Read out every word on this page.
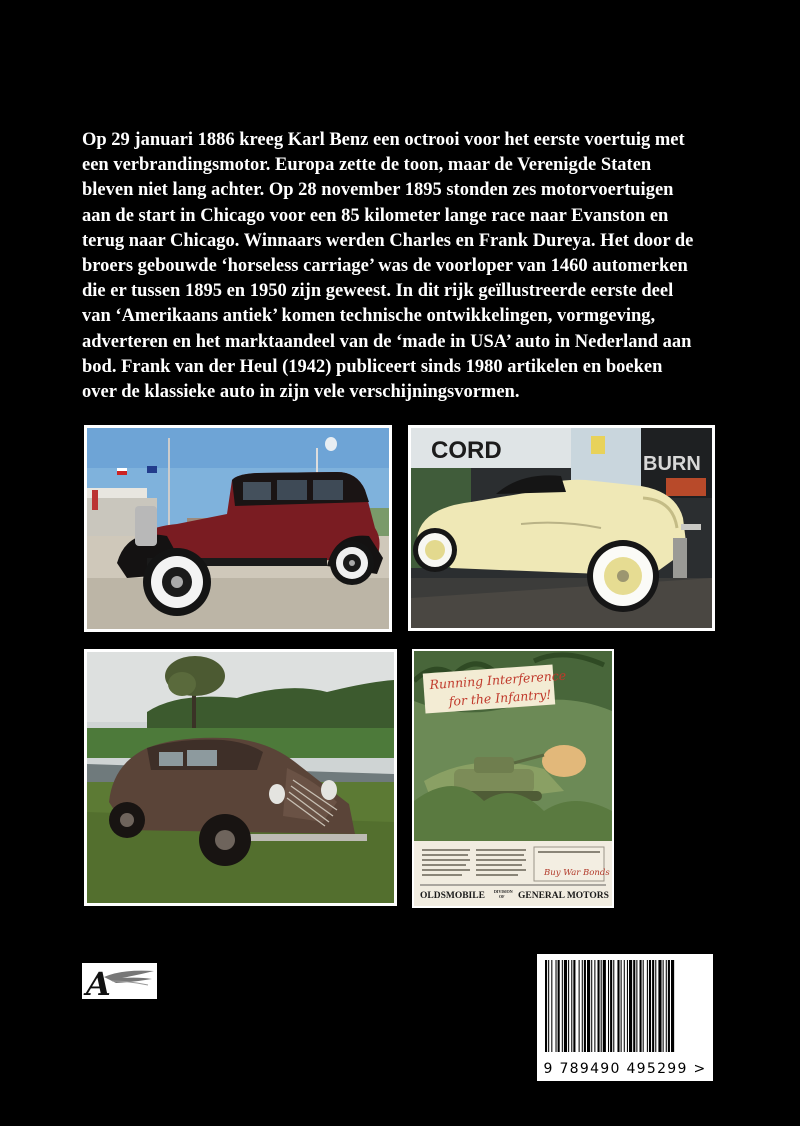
Op 29 januari 1886 kreeg Karl Benz een octrooi voor het eerste voertuig met
een verbrandingsmotor. Europa zette de toon, maar de Verenigde Staten
bleven niet lang achter. Op 28 november 1895 stonden zes motorvoertuigen
aan de start in Chicago voor een 85 kilometer lange race naar Evanston en
terug naar Chicago. Winnaars werden Charles en Frank Dureya. Het door de
broers gebouwde ‘horseless carriage’ was de voorloper van 1460 automerken
die er tussen 1895 en 1950 zijn geweest. In dit rijk geïllustreerde eerste deel
van ‘Amerikaans antiek’ komen technische ontwikkelingen, vormgeving,
adverteren en het marktaandeel van de ‘made in USA’ auto in Nederland aan
bod. Frank van der Heul (1942) publiceert sinds 1980 artikelen en boeken
over de klassieke auto in zijn vele verschijningsvormen.
CORD	BURN
Running Interference
for the Infantry!
Buy War Bonds
OLDSMOBILE DIVISION
OF GENERAL MOTORS
A
9 789490 495299 >
